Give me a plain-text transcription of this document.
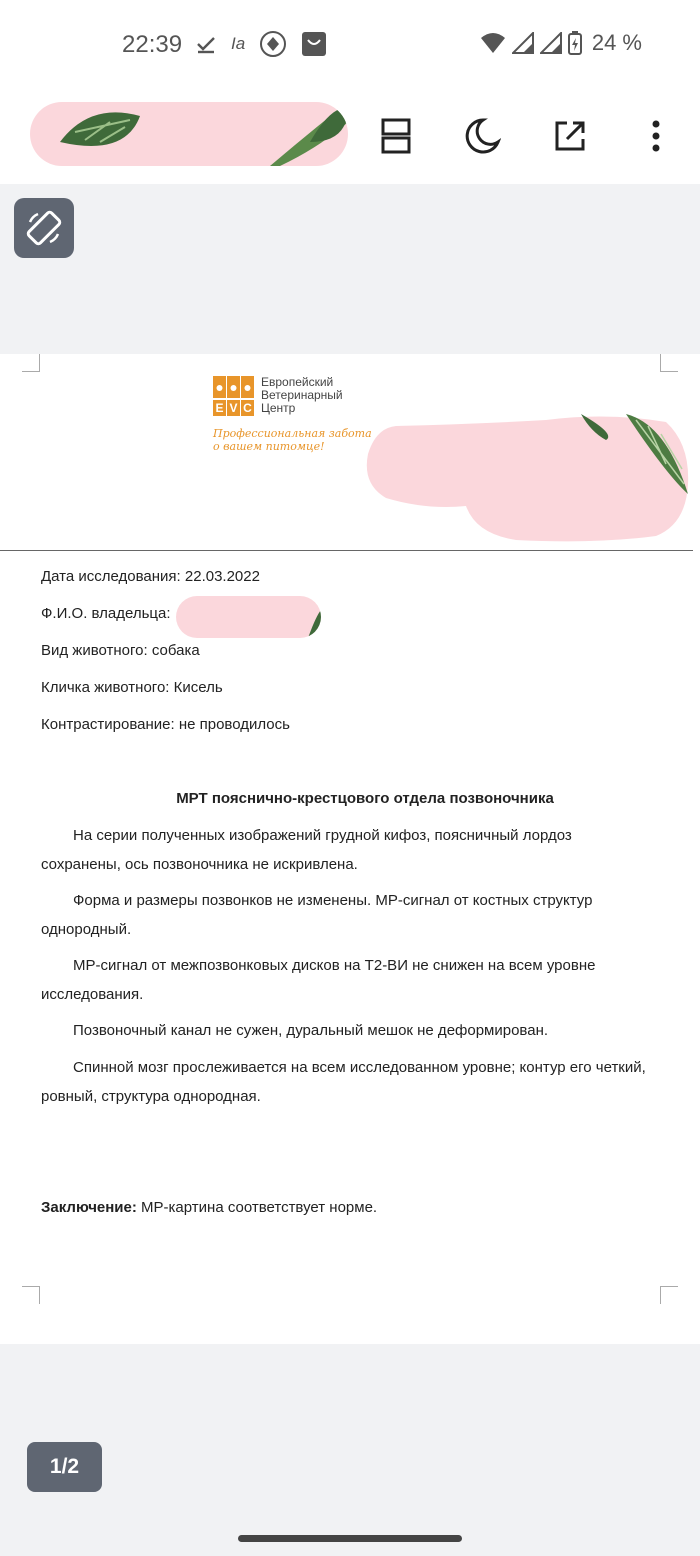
22:39	Ia	24 %
E V C
Европейский
Ветеринарный
Центр
Профессиональная забота
о вашем питомце!
Дата исследования: 22.03.2022
Ф.И.О. владельца:
Вид животного: собака
Кличка животного: Кисель
Контрастирование: не проводилось
МРТ пояснично-крестцового отдела позвоночника

На серии полученных изображений грудной кифоз, поясничный лордоз сохранены, ось позвоночника не искривлена.

Форма и размеры позвонков не изменены. МР-сигнал от костных структур однородный.

МР-сигнал от межпозвонковых дисков на Т2-ВИ не снижен на всем уровне исследования.

Позвоночный канал не сужен, дуральный мешок не деформирован.

Спинной мозг прослеживается на всем исследованном уровне; контур его четкий, ровный, структура однородная.

Заключение: МР-картина соответствует норме.
1/2
